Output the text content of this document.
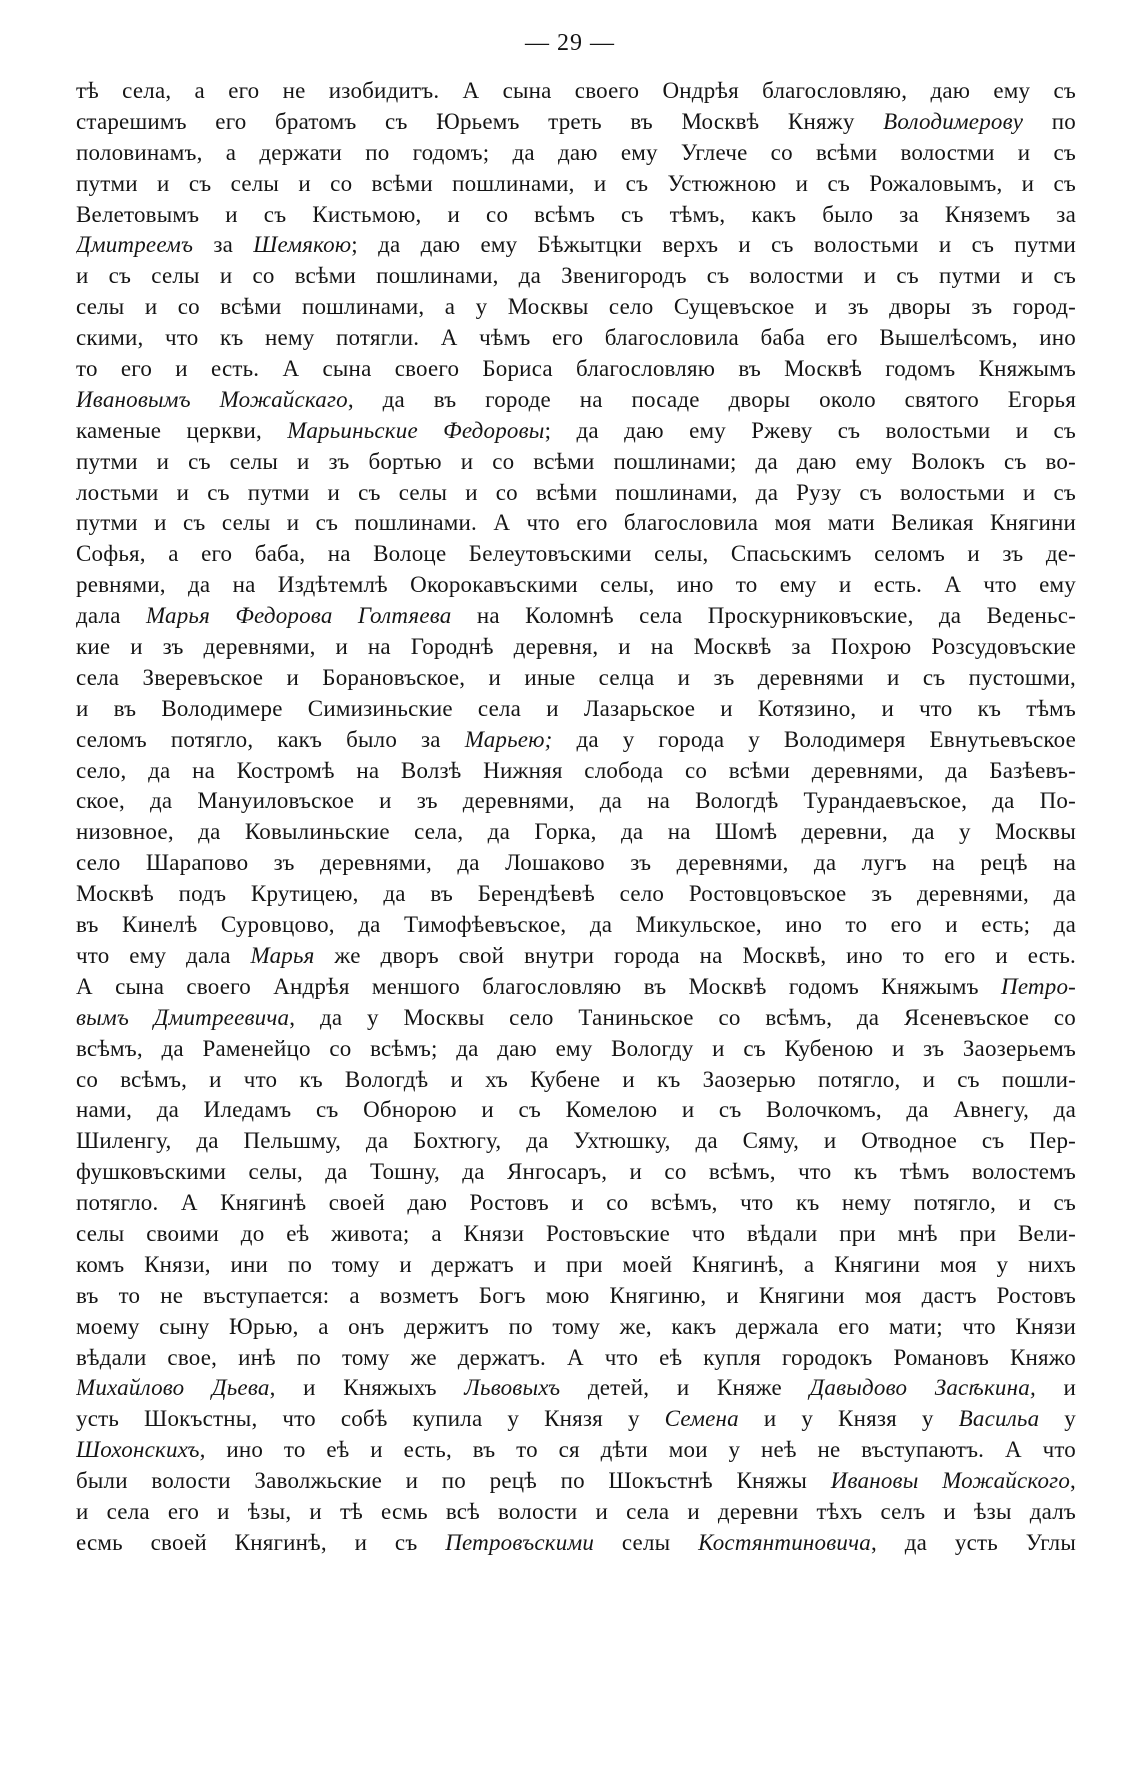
— 29 —
тѣ села, а его не изобидитъ. А сына своего Ондрѣя благословляю, даю ему съ
старешимъ его братомъ съ Юрьемъ треть въ Москвѣ Княжу Володимерову по
половинамъ, а держати по годомъ; да даю ему Углече со всѣми волостми и съ
путми и съ селы и со всѣми пошлинами, и съ Устюжною и съ Рожаловымъ, и съ
Велетовымъ и съ Кистьмою, и со всѣмъ съ тѣмъ, какъ было за Княземъ за
Дмитреемъ за Шемякою; да даю ему Бѣжытцки верхъ и съ волостьми и съ путми
и съ селы и со всѣми пошлинами, да Звенигородъ съ волостми и съ путми и съ
селы и со всѣми пошлинами, а у Москвы село Сущевъское и зъ дворы зъ город-
скими, что къ нему потягли. А чѣмъ его благословила баба его Вышелѣсомъ, ино
то его и есть. А сына своего Бориса благословляю въ Москвѣ годомъ Княжымъ
Ивановымъ Можайскаго, да въ городе на посаде дворы около святого Егорья
каменые церкви, Марьиньские Федоровы; да даю ему Ржеву съ волостьми и съ
путми и съ селы и зъ бортью и со всѣми пошлинами; да даю ему Волокъ съ во-
лостьми и съ путми и съ селы и со всѣми пошлинами, да Рузу съ волостьми и съ
путми и съ селы и съ пошлинами. А что его благословила моя мати Великая Княгини
Софья, а его баба, на Волоце Белеутовъскими селы, Спасьскимъ селомъ и зъ де-
ревнями, да на Издѣтемлѣ Окорокавъскими селы, ино то ему и есть. А что ему
дала Марья Федорова Голтяева на Коломнѣ села Проскурниковъские, да Веденьс-
кие и зъ деревнями, и на Городнѣ деревня, и на Москвѣ за Похрою Розсудовъские
села Зверевъское и Борановъское, и иные селца и зъ деревнями и съ пустошми,
и въ Володимере Симизиньские села и Лазарьское и Котязино, и что къ тѣмъ
селомъ потягло, какъ было за Марьею; да у города у Володимеря Евнутьевъское
село, да на Костромѣ на Волзѣ Нижняя слобода со всѣми деревнями, да Базѣевъ-
ское, да Мануиловъское и зъ деревнями, да на Вологдѣ Турандаевъское, да По-
низовное, да Ковылиньские села, да Горка, да на Шомѣ деревни, да у Москвы
село Шарапово зъ деревнями, да Лошаково зъ деревнями, да лугъ на рецѣ на
Москвѣ подъ Крутицею, да въ Берендѣевѣ село Ростовцовъское зъ деревнями, да
въ Кинелѣ Суровцово, да Тимофѣевъское, да Микульское, ино то его и есть; да
что ему дала Марья же дворъ свой внутри города на Москвѣ, ино то его и есть.
А сына своего Андрѣя меншого благословляю въ Москвѣ годомъ Княжымъ Петро-
вымъ Дмитреевича, да у Москвы село Таниньское со всѣмъ, да Ясеневъское со
всѣмъ, да Раменейцо со всѣмъ; да даю ему Вологду и съ Кубеною и зъ Заозерьемъ
со всѣмъ, и что къ Вологдѣ и хъ Кубене и къ Заозерью потягло, и съ пошли-
нами, да Иледамъ съ Обнорою и съ Комелою и съ Волочкомъ, да Авнегу, да
Шиленгу, да Пельшму, да Бохтюгу, да Ухтюшку, да Сяму, и Отводное съ Пер-
фушковъскими селы, да Тошну, да Янгосаръ, и со всѣмъ, что къ тѣмъ волостемъ
потягло. А Княгинѣ своей даю Ростовъ и со всѣмъ, что къ нему потягло, и съ
селы своими до еѣ живота; а Князи Ростовъские что вѣдали при мнѣ при Вели-
комъ Князи, ини по тому и держатъ и при моей Княгинѣ, а Княгини моя у нихъ
въ то не въступается: а возметъ Богъ мою Княгиню, и Княгини моя дастъ Ростовъ
моему сыну Юрью, а онъ держитъ по тому же, какъ держала его мати; что Князи
вѣдали свое, инѣ по тому же держатъ. А что еѣ купля городокъ Романовъ Княжо
Михайлово Дьева, и Княжыхъ Львовыхъ детей, и Княже Давыдово Засѣкина, и
усть Шокъстны, что собѣ купила у Князя у Семена и у Князя у Васильа у
Шохонскихъ, ино то еѣ и есть, въ то ся дѣти мои у неѣ не въступаютъ. А что
были волости Заволжьские и по рецѣ по Шокъстнѣ Княжы Ивановы Можайского,
и села его и ѣзы, и тѣ есмь всѣ волости и села и деревни тѣхъ селъ и ѣзы далъ
есмь своей Княгинѣ, и съ Петровъскими селы Костянтиновича, да усть Углы
